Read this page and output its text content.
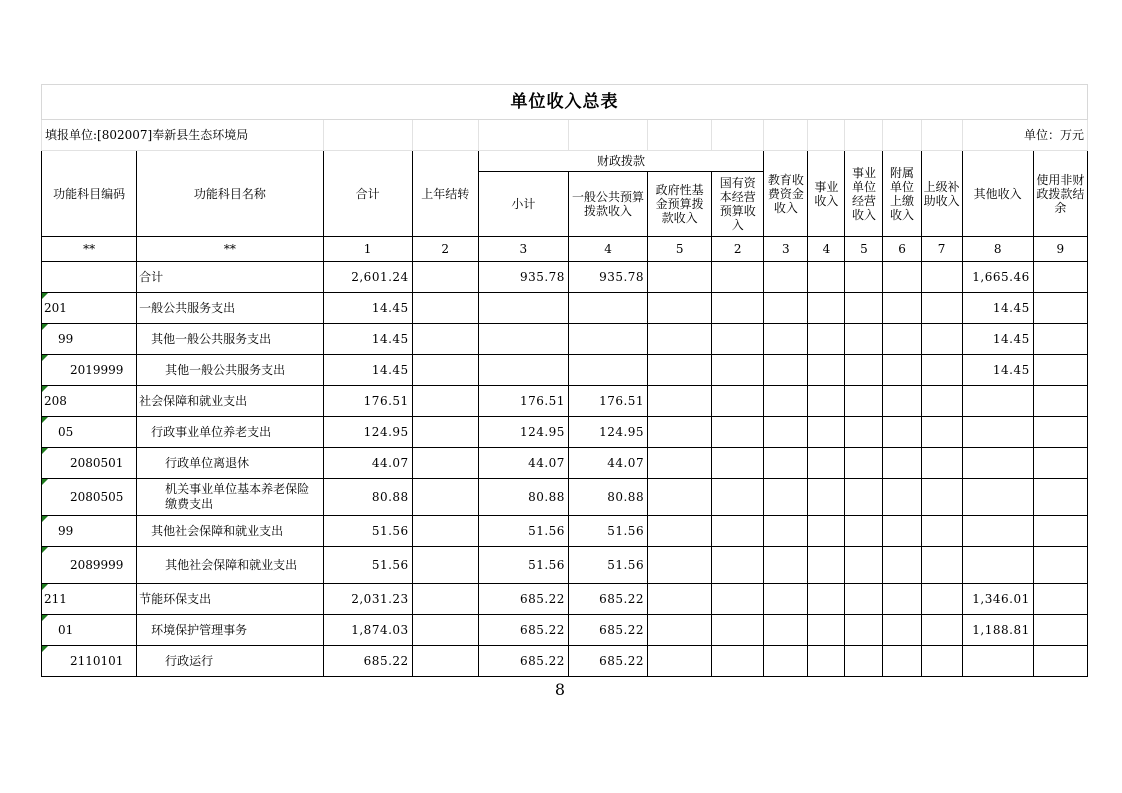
单位收入总表														
填报单位:[802007]奉新县生态环境局													单位：万元	
功能科目编码	功能科目名称	合计	上年结转	财政拨款				教育收费资金收入	事业收入	事业单位经营收入	附属单位上缴收入	上级补助收入	其他收入	使用非财政拨款结余
				小计	一般公共预算拨款收入	政府性基金预算拨款收入	国有资本经营预算收入							
**	**	1	2	3	4	5	2	3	4	5	6	7	8	9
	合计	2,601.24		935.78	935.78								1,665.46	
201	一般公共服务支出	14.45											14.45	
99	其他一般公共服务支出	14.45											14.45	
2019999	其他一般公共服务支出	14.45											14.45	
208	社会保障和就业支出	176.51		176.51	176.51									
05	行政事业单位养老支出	124.95		124.95	124.95									
2080501	行政单位离退休	44.07		44.07	44.07									
2080505	机关事业单位基本养老保险缴费支出	80.88		80.88	80.88									
99	其他社会保障和就业支出	51.56		51.56	51.56									
2089999	其他社会保障和就业支出	51.56		51.56	51.56									
211	节能环保支出	2,031.23		685.22	685.22								1,346.01	
01	环境保护管理事务	1,874.03		685.22	685.22								1,188.81	
2110101	行政运行	685.22		685.22	685.22									
8
